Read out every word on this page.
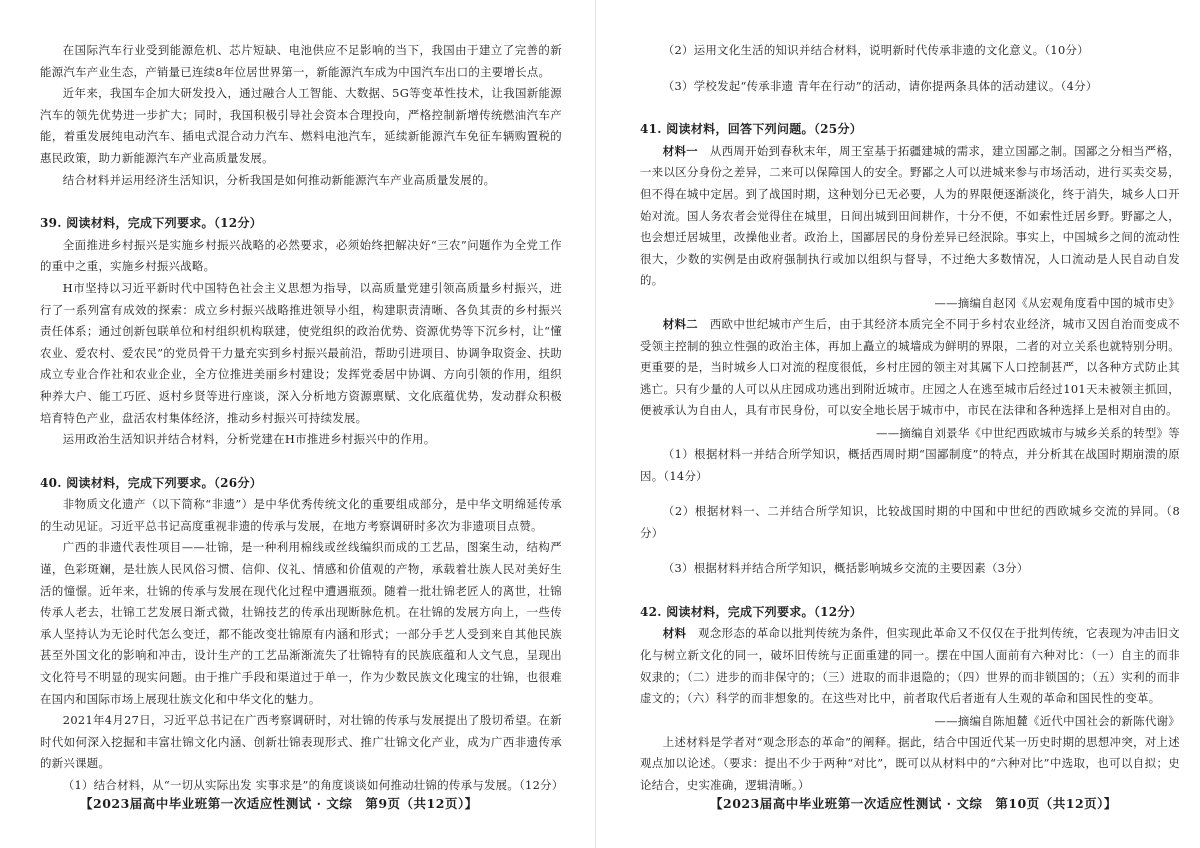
在国际汽车行业受到能源危机、芯片短缺、电池供应不足影响的当下，我国由于建立了完善的新能源汽车产业生态，产销量已连续8年位居世界第一，新能源汽车成为中国汽车出口的主要增长点。

近年来，我国车企加大研发投入，通过融合人工智能、大数据、5G等变革性技术，让我国新能源汽车的领先优势进一步扩大；同时，我国积极引导社会资本合理投向，严格控制新增传统燃油汽车产能，着重发展纯电动汽车、插电式混合动力汽车、燃料电池汽车，延续新能源汽车免征车辆购置税的惠民政策，助力新能源汽车产业高质量发展。

结合材料并运用经济生活知识，分析我国是如何推动新能源汽车产业高质量发展的。

39. 阅读材料，完成下列要求。（12分）

全面推进乡村振兴是实施乡村振兴战略的必然要求，必须始终把解决好“三农”问题作为全党工作的重中之重，实施乡村振兴战略。

H市坚持以习近平新时代中国特色社会主义思想为指导，以高质量党建引领高质量乡村振兴，进行了一系列富有成效的探索：成立乡村振兴战略推进领导小组，构建职责清晰、各负其责的乡村振兴责任体系；通过创新包联单位和村组织机构联建，使党组织的政治优势、资源优势等下沉乡村，让“懂农业、爱农村、爱农民”的党员骨干力量充实到乡村振兴最前沿，帮助引进项目、协调争取资金、扶助成立专业合作社和农业企业，全方位推进美丽乡村建设；发挥党委居中协调、方向引领的作用，组织种养大户、能工巧匠、返村乡贤等进行座谈，深入分析地方资源禀赋、文化底蕴优势，发动群众积极培育特色产业，盘活农村集体经济，推动乡村振兴可持续发展。

运用政治生活知识并结合材料，分析党建在H市推进乡村振兴中的作用。

40. 阅读材料，完成下列要求。（26分）

非物质文化遗产（以下简称“非遗”）是中华优秀传统文化的重要组成部分，是中华文明绵延传承的生动见证。习近平总书记高度重视非遗的传承与发展，在地方考察调研时多次为非遗项目点赞。

广西的非遗代表性项目——壮锦，是一种利用棉线或丝线编织而成的工艺品，图案生动，结构严谨，色彩斑斓，是壮族人民风俗习惯、信仰、仪礼、情感和价值观的产物，承载着壮族人民对美好生活的憧憬。近年来，壮锦的传承与发展在现代化过程中遭遇瓶颈。随着一批壮锦老匠人的离世，壮锦传承人老去，壮锦工艺发展日渐式微，壮锦技艺的传承出现断脉危机。在壮锦的发展方向上，一些传承人坚持认为无论时代怎么变迁，都不能改变壮锦原有内涵和形式；一部分手艺人受到来自其他民族甚至外国文化的影响和冲击，设计生产的工艺品渐渐流失了壮锦特有的民族底蕴和人文气息，呈现出文化符号不明显的现实问题。由于推广手段和渠道过于单一，作为少数民族文化瑰宝的壮锦，也很难在国内和国际市场上展现壮族文化和中华文化的魅力。

2021年4月27日，习近平总书记在广西考察调研时，对壮锦的传承与发展提出了殷切希望。在新时代如何深入挖掘和丰富壮锦文化内涵、创新壮锦表现形式、推广壮锦文化产业，成为广西非遗传承的新兴课题。

（1）结合材料，从“一切从实际出发 实事求是”的角度谈谈如何推动壮锦的传承与发展。（12分）

【2023届高中毕业班第一次适应性测试 · 文综　第9页（共12页）】

（2）运用文化生活的知识并结合材料，说明新时代传承非遗的文化意义。（10分）

（3）学校发起“传承非遗 青年在行动”的活动，请你提两条具体的活动建议。（4分）

41. 阅读材料，回答下列问题。（25分）

材料一　 从西周开始到春秋末年，周王室基于拓疆建城的需求，建立国鄙之制。国鄙之分相当严格，一来以区分身份之差异，二来可以保障国人的安全。野鄙之人可以进城来参与市场活动，进行买卖交易，但不得在城中定居。到了战国时期，这种划分已无必要，人为的界限便逐渐淡化，终于消失，城乡人口开始对流。国人务农者会觉得住在城里，日间出城到田间耕作，十分不便，不如索性迁居乡野。野鄙之人，也会想迁居城里，改操他业者。政治上，国鄙居民的身份差异已经泯除。事实上，中国城乡之间的流动性很大，少数的实例是由政府强制执行或加以组织与督导，不过绝大多数情况，人口流动是人民自动自发的。

——摘编自赵冈《从宏观角度看中国的城市史》

材料二　 西欧中世纪城市产生后，由于其经济本质完全不同于乡村农业经济，城市又因自治而变成不受领主控制的独立性强的政治主体，再加上矗立的城墙成为鲜明的界限，二者的对立关系也就特别分明。更重要的是，当时城乡人口对流的程度很低，乡村庄园的领主对其属下人口控制甚严，以各种方式防止其逃亡。只有少量的人可以从庄园成功逃出到附近城市。庄园之人在逃至城市后经过101天未被领主抓回，便被承认为自由人，具有市民身份，可以安全地长居于城市中，市民在法律和各种选择上是相对自由的。

——摘编自刘景华《中世纪西欧城市与城乡关系的转型》等

（1）根据材料一并结合所学知识，概括西周时期“国鄙制度”的特点，并分析其在战国时期崩溃的原因。（14分）

（2）根据材料一、二并结合所学知识，比较战国时期的中国和中世纪的西欧城乡交流的异同。（8分）

（3）根据材料并结合所学知识，概括影响城乡交流的主要因素（3分）

42. 阅读材料，完成下列要求。（12分）

材料　 观念形态的革命以批判传统为条件，但实现此革命又不仅仅在于批判传统，它表现为冲击旧文化与树立新文化的同一，破坏旧传统与正面重建的同一。摆在中国人面前有六种对比：（一）自主的而非奴隶的；（二）进步的而非保守的；（三）进取的而非退隐的；（四）世界的而非锁国的；（五）实利的而非虚文的；（六）科学的而非想象的。在这些对比中，前者取代后者逝有人生观的革命和国民性的变革。

——摘编自陈旭麓《近代中国社会的新陈代谢》

上述材料是学者对“观念形态的革命”的阐释。据此，结合中国近代某一历史时期的思想冲突，对上述观点加以论述。（要求：提出不少于两种“对比”，既可以从材料中的“六种对比”中选取，也可以自拟；史论结合，史实准确，逻辑清晰。）

【2023届高中毕业班第一次适应性测试 · 文综　第10页（共12页）】
